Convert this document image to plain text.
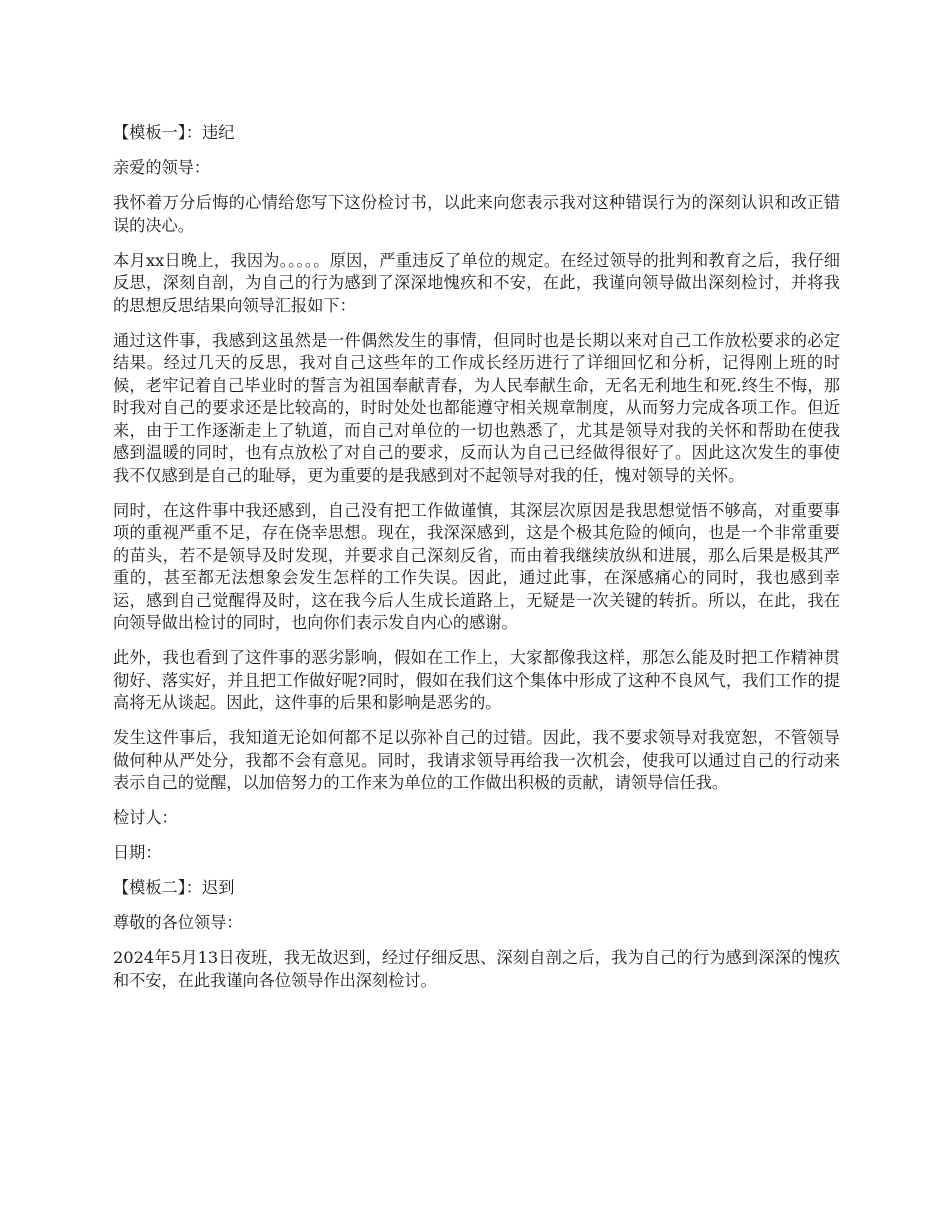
【模板一】：违纪

亲爱的领导：

我怀着万分后悔的心情给您写下这份检讨书，以此来向您表示我对这种错误行为的深刻认识和改正错误的决心。

本月xx日晚上，我因为。。。。。原因，严重违反了单位的规定。在经过领导的批判和教育之后，我仔细反思，深刻自剖，为自己的行为感到了深深地愧疚和不安，在此，我谨向领导做出深刻检讨，并将我的思想反思结果向领导汇报如下：

通过这件事，我感到这虽然是一件偶然发生的事情，但同时也是长期以来对自己工作放松要求的必定结果。经过几天的反思，我对自己这些年的工作成长经历进行了详细回忆和分析，记得刚上班的时候，老牢记着自己毕业时的誓言为祖国奉献青春，为人民奉献生命，无名无利地生和死.终生不悔，那时我对自己的要求还是比较高的，时时处处也都能遵守相关规章制度，从而努力完成各项工作。但近来，由于工作逐渐走上了轨道，而自己对单位的一切也熟悉了，尤其是领导对我的关怀和帮助在使我感到温暖的同时，也有点放松了对自己的要求，反而认为自己已经做得很好了。因此这次发生的事使我不仅感到是自己的耻辱，更为重要的是我感到对不起领导对我的任，愧对领导的关怀。

同时，在这件事中我还感到，自己没有把工作做谨慎，其深层次原因是我思想觉悟不够高，对重要事项的重视严重不足，存在侥幸思想。现在，我深深感到，这是个极其危险的倾向，也是一个非常重要的苗头，若不是领导及时发现，并要求自己深刻反省，而由着我继续放纵和进展，那么后果是极其严重的，甚至都无法想象会发生怎样的工作失误。因此，通过此事，在深感痛心的同时，我也感到幸运，感到自己觉醒得及时，这在我今后人生成长道路上，无疑是一次关键的转折。所以，在此，我在向领导做出检讨的同时，也向你们表示发自内心的感谢。

此外，我也看到了这件事的恶劣影响，假如在工作上，大家都像我这样，那怎么能及时把工作精神贯彻好、落实好，并且把工作做好呢?同时，假如在我们这个集体中形成了这种不良风气，我们工作的提高将无从谈起。因此，这件事的后果和影响是恶劣的。

发生这件事后，我知道无论如何都不足以弥补自己的过错。因此，我不要求领导对我宽恕，不管领导做何种从严处分，我都不会有意见。同时，我请求领导再给我一次机会，使我可以通过自己的行动来表示自己的觉醒，以加倍努力的工作来为单位的工作做出积极的贡献，请领导信任我。

检讨人：

日期：

【模板二】：迟到

尊敬的各位领导：

2024年5月13日夜班，我无故迟到，经过仔细反思、深刻自剖之后，我为自己的行为感到深深的愧疚和不安，在此我谨向各位领导作出深刻检讨。
